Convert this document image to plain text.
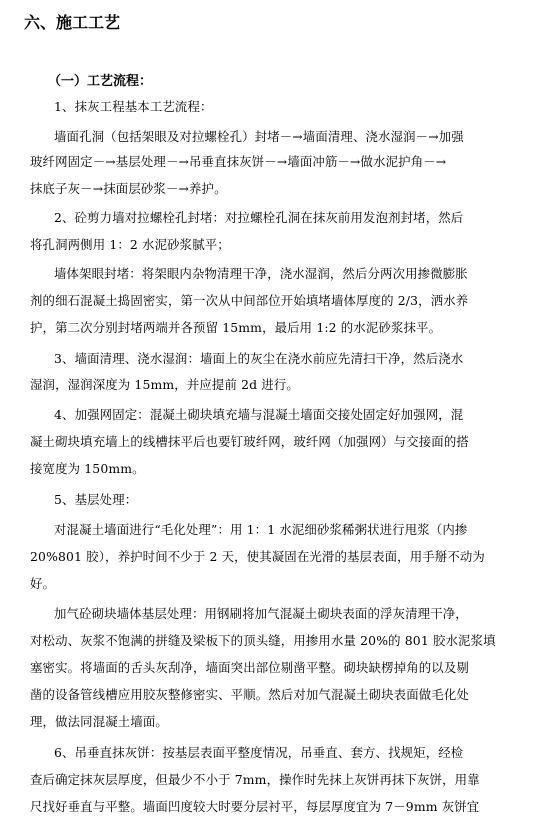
六、施工工艺
（一）工艺流程：
1、抹灰工程基本工艺流程：
墙面孔洞（包括架眼及对拉螺栓孔）封堵－→墙面清理、浇水湿润－→加强
玻纤网固定－→基层处理－→吊垂直抹灰饼－→墙面冲筋－→做水泥护角－→
抹底子灰－→抹面层砂浆－→养护。
2、砼剪力墙对拉螺栓孔封堵：对拉螺栓孔洞在抹灰前用发泡剂封堵，然后
将孔洞两侧用 1：2 水泥砂浆腻平；
墙体架眼封堵：将架眼内杂物清理干净，浇水湿润，然后分两次用掺微膨胀
剂的细石混凝土捣固密实，第一次从中间部位开始填堵墙体厚度的 2/3，洒水养
护，第二次分别封堵两端并各预留 15mm，最后用 1:2 的水泥砂浆抹平。
3、墙面清理、浇水湿润：墙面上的灰尘在浇水前应先清扫干净，然后浇水
湿润，湿润深度为 15mm，并应提前 2d 进行。
4、加强网固定：混凝土砌块填充墙与混凝土墙面交接处固定好加强网，混
凝土砌块填充墙上的线槽抹平后也要钉玻纤网，玻纤网（加强网）与交接面的搭
接宽度为 150mm。
5、基层处理：
对混凝土墙面进行“毛化处理”：用 1：1 水泥细砂浆稀粥状进行甩浆（内掺
20%801 胶），养护时间不少于 2 天，使其凝固在光滑的基层表面，用手掰不动为
好。
加气砼砌块墙体基层处理：用钢刷将加气混凝土砌块表面的浮灰清理干净，
对松动、灰浆不饱满的拼缝及梁板下的顶头缝，用掺用水量 20%的 801 胶水泥浆填
塞密实。将墙面的舌头灰刮净，墙面突出部位剔凿平整。砌块缺楞掉角的以及剔
凿的设备管线槽应用胶灰整修密实、平顺。然后对加气混凝土砌块表面做毛化处
理，做法同混凝土墙面。
6、吊垂直抹灰饼：按基层表面平整度情况，吊垂直、套方、找规矩，经检
查后确定抹灰层厚度，但最少不小于 7mm，操作时先抹上灰饼再抹下灰饼，用靠
尺找好垂直与平整。墙面凹度较大时要分层衬平，每层厚度宜为 7－9mm 灰饼宜
